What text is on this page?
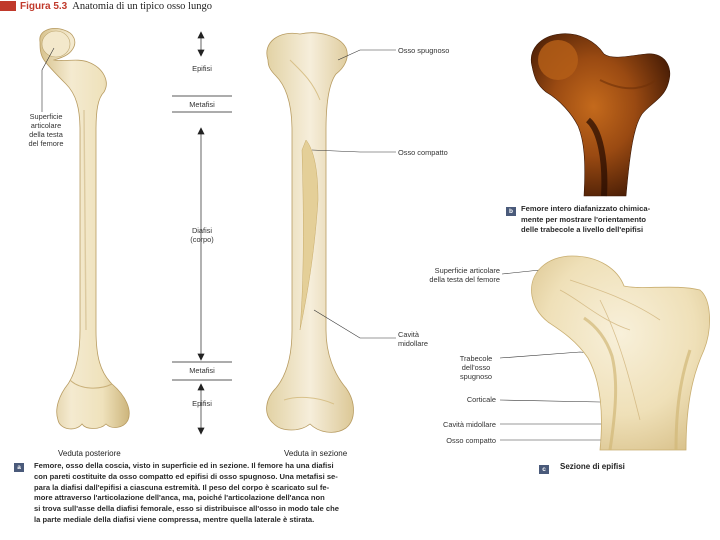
Figura 5.3 Anatomia di un tipico osso lungo
Superficie
articolare
della testa
del femore
Epifisi
Metafisi
Diafisi
(corpo)
Metafisi
Epifisi
Osso spugnoso
Osso compatto
Cavità
midollare
Veduta posteriore	Veduta in sezione
a	Femore, osso della coscia, visto in superficie ed in sezione. Il femore ha una diafisi
con pareti costituite da osso compatto ed epifisi di osso spugnoso. Una metafisi se-
para la diafisi dall'epifisi a ciascuna estremità. Il peso del corpo è scaricato sul fe-
more attraverso l'articolazione dell'anca, ma, poiché l'articolazione dell'anca non
si trova sull'asse della diafisi femorale, esso si distribuisce all'osso in modo tale che
la parte mediale della diafisi viene compressa, mentre quella laterale è stirata.
b	Femore intero diafanizzato chimica-
mente per mostrare l'orientamento
delle trabecole a livello dell'epifisi
Superficie articolare
della testa del femore
Trabecole
dell'osso
spugnoso
Corticale
Cavità midollare
Osso compatto
c	Sezione di epifisi
